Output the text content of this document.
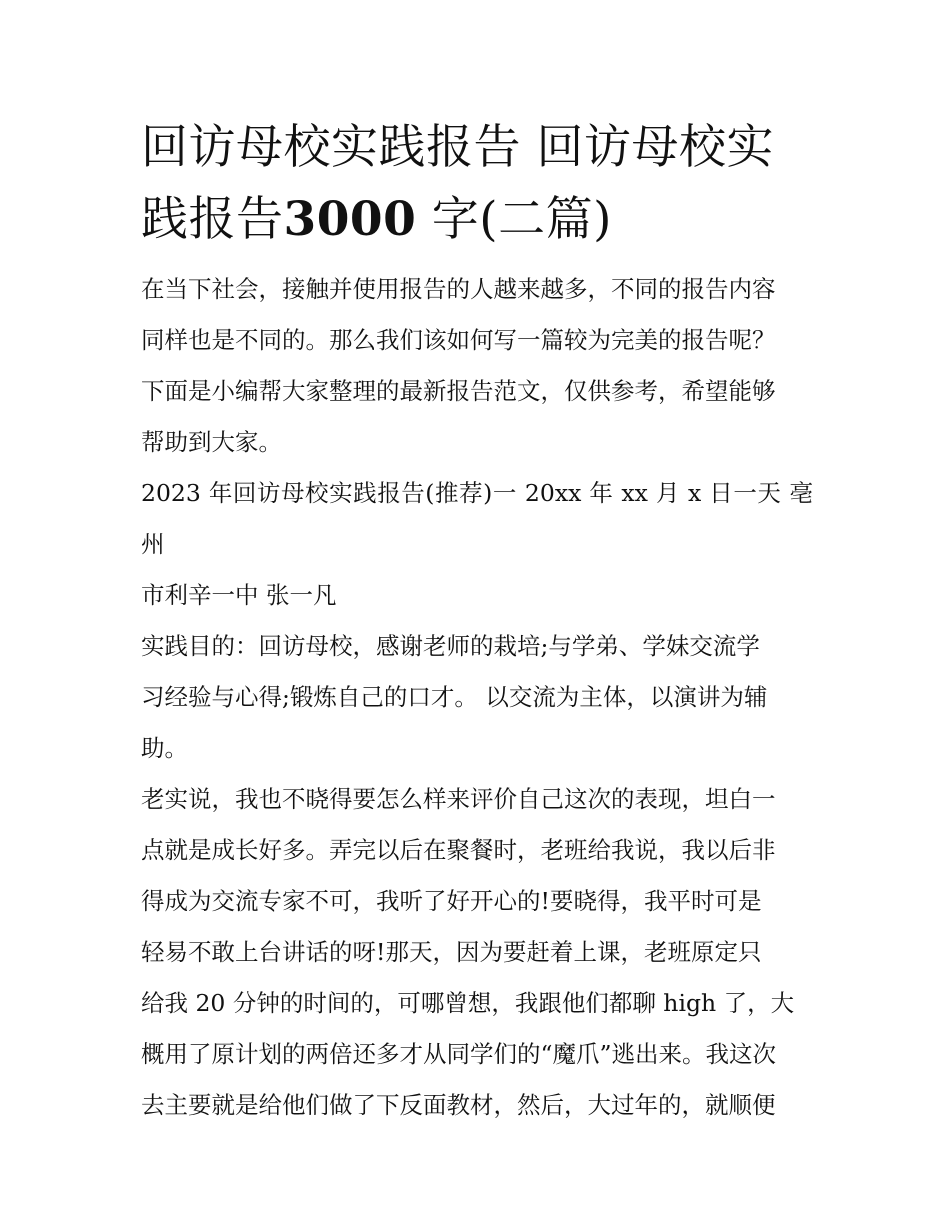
回访母校实践报告 回访母校实
践报告3000 字(二篇)

在当下社会，接触并使用报告的人越来越多，不同的报告内容
同样也是不同的。那么我们该如何写一篇较为完美的报告呢？
下面是小编帮大家整理的最新报告范文，仅供参考，希望能够
帮助到大家。

2023 年回访母校实践报告(推荐)一 20xx 年 xx 月 x 日一天 亳州
市利辛一中 张一凡

实践目的：回访母校，感谢老师的栽培;与学弟、学妹交流学
习经验与心得;锻炼自己的口才。 以交流为主体，以演讲为辅
助。

老实说，我也不晓得要怎么样来评价自己这次的表现，坦白一
点就是成长好多。弄完以后在聚餐时，老班给我说，我以后非
得成为交流专家不可，我听了好开心的!要晓得，我平时可是
轻易不敢上台讲话的呀!那天，因为要赶着上课，老班原定只
给我 20 分钟的时间的，可哪曾想，我跟他们都聊 high 了，大
概用了原计划的两倍还多才从同学们的“魔爪”逃出来。我这次
去主要就是给他们做了下反面教材，然后，大过年的，就顺便
